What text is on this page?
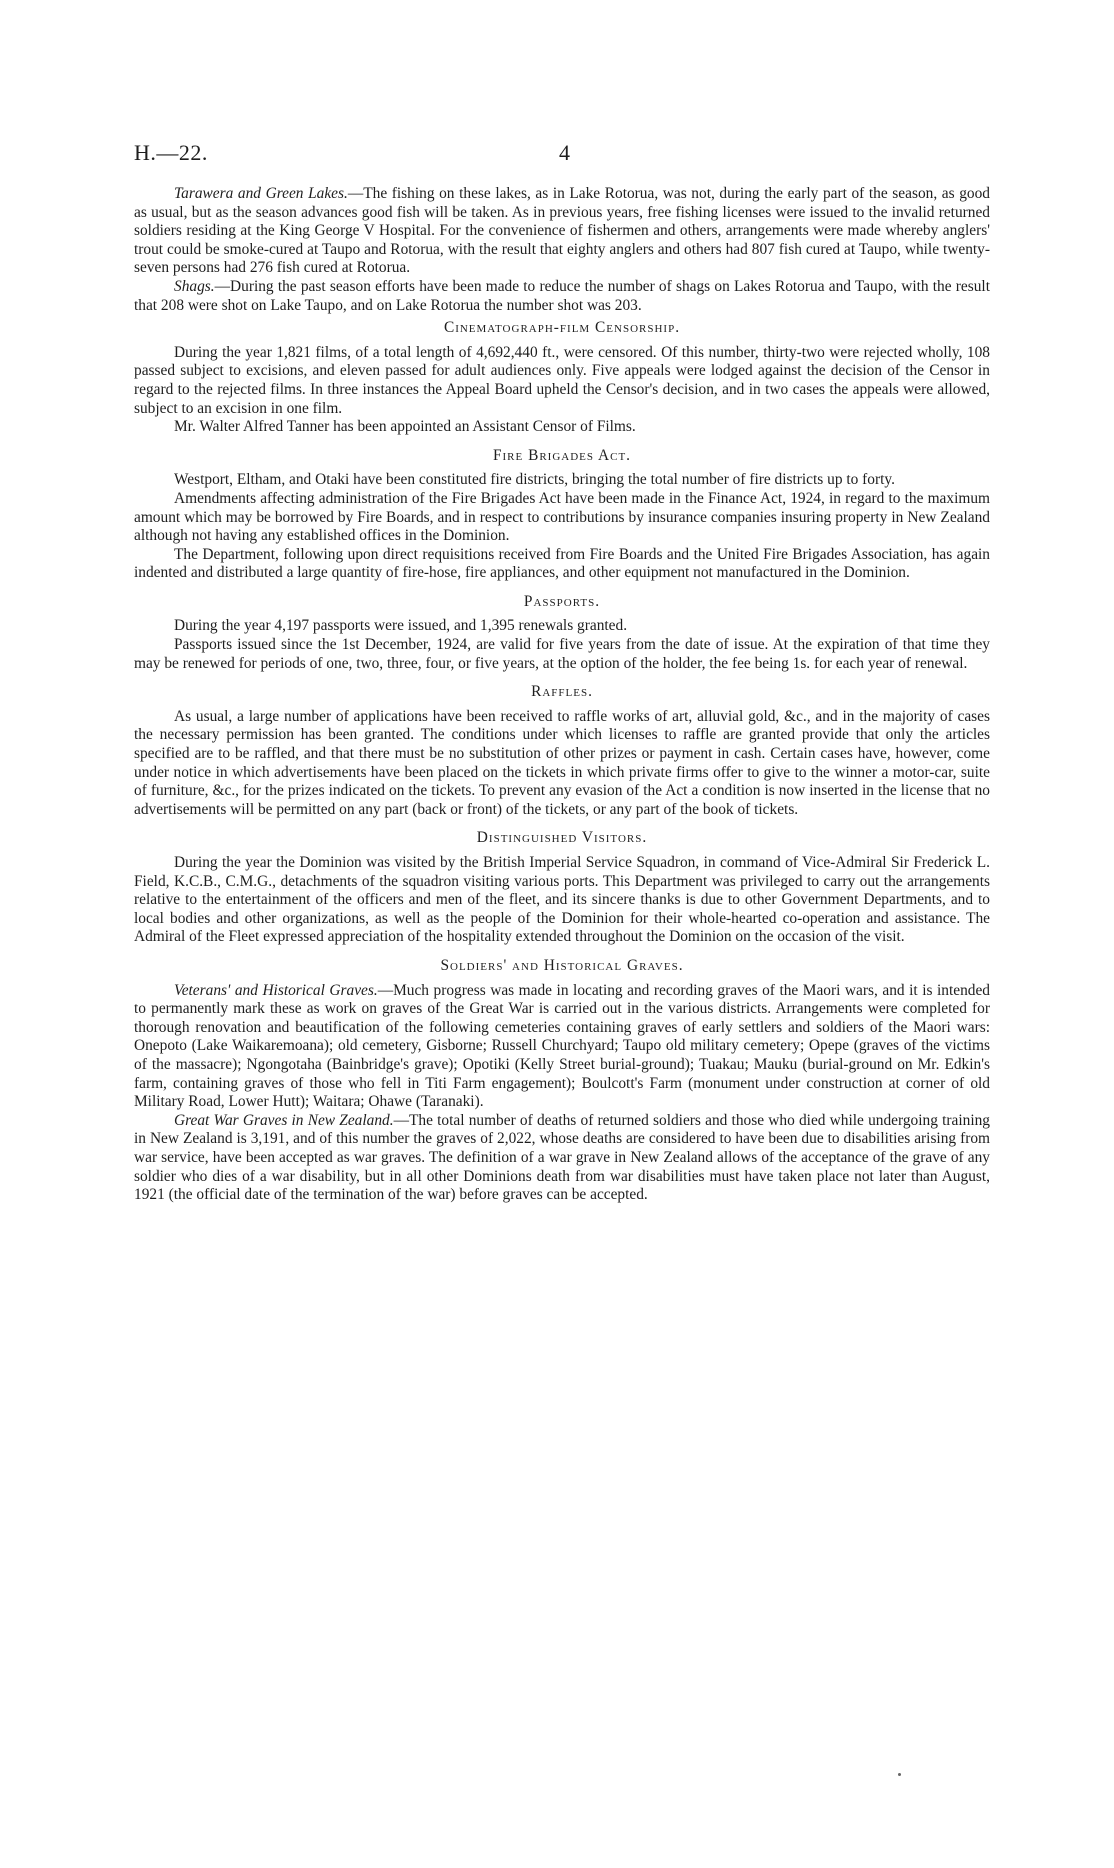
H.—22.	4

Tarawera and Green Lakes.—The fishing on these lakes, as in Lake Rotorua, was not, during the early part of the season, as good as usual, but as the season advances good fish will be taken. As in previous years, free fishing licenses were issued to the invalid returned soldiers residing at the King George V Hospital. For the convenience of fishermen and others, arrangements were made whereby anglers' trout could be smoke-cured at Taupo and Rotorua, with the result that eighty anglers and others had 807 fish cured at Taupo, while twenty-seven persons had 276 fish cured at Rotorua.

Shags.—During the past season efforts have been made to reduce the number of shags on Lakes Rotorua and Taupo, with the result that 208 were shot on Lake Taupo, and on Lake Rotorua the number shot was 203.

Cinematograph-film Censorship.

During the year 1,821 films, of a total length of 4,692,440 ft., were censored. Of this number, thirty-two were rejected wholly, 108 passed subject to excisions, and eleven passed for adult audiences only. Five appeals were lodged against the decision of the Censor in regard to the rejected films. In three instances the Appeal Board upheld the Censor's decision, and in two cases the appeals were allowed, subject to an excision in one film.

Mr. Walter Alfred Tanner has been appointed an Assistant Censor of Films.

Fire Brigades Act.

Westport, Eltham, and Otaki have been constituted fire districts, bringing the total number of fire districts up to forty.

Amendments affecting administration of the Fire Brigades Act have been made in the Finance Act, 1924, in regard to the maximum amount which may be borrowed by Fire Boards, and in respect to contributions by insurance companies insuring property in New Zealand although not having any established offices in the Dominion.

The Department, following upon direct requisitions received from Fire Boards and the United Fire Brigades Association, has again indented and distributed a large quantity of fire-hose, fire appliances, and other equipment not manufactured in the Dominion.

Passports.

During the year 4,197 passports were issued, and 1,395 renewals granted.

Passports issued since the 1st December, 1924, are valid for five years from the date of issue. At the expiration of that time they may be renewed for periods of one, two, three, four, or five years, at the option of the holder, the fee being 1s. for each year of renewal.

Raffles.

As usual, a large number of applications have been received to raffle works of art, alluvial gold, &c., and in the majority of cases the necessary permission has been granted. The conditions under which licenses to raffle are granted provide that only the articles specified are to be raffled, and that there must be no substitution of other prizes or payment in cash. Certain cases have, however, come under notice in which advertisements have been placed on the tickets in which private firms offer to give to the winner a motor-car, suite of furniture, &c., for the prizes indicated on the tickets. To prevent any evasion of the Act a condition is now inserted in the license that no advertisements will be permitted on any part (back or front) of the tickets, or any part of the book of tickets.

Distinguished Visitors.

During the year the Dominion was visited by the British Imperial Service Squadron, in command of Vice-Admiral Sir Frederick L. Field, K.C.B., C.M.G., detachments of the squadron visiting various ports. This Department was privileged to carry out the arrangements relative to the entertainment of the officers and men of the fleet, and its sincere thanks is due to other Government Departments, and to local bodies and other organizations, as well as the people of the Dominion for their whole-hearted co-operation and assistance. The Admiral of the Fleet expressed appreciation of the hospitality extended throughout the Dominion on the occasion of the visit.

Soldiers' and Historical Graves.

Veterans' and Historical Graves.—Much progress was made in locating and recording graves of the Maori wars, and it is intended to permanently mark these as work on graves of the Great War is carried out in the various districts. Arrangements were completed for thorough renovation and beautification of the following cemeteries containing graves of early settlers and soldiers of the Maori wars: Onepoto (Lake Waikaremoana); old cemetery, Gisborne; Russell Churchyard; Taupo old military cemetery; Opepe (graves of the victims of the massacre); Ngongotaha (Bainbridge's grave); Opotiki (Kelly Street burial-ground); Tuakau; Mauku (burial-ground on Mr. Edkin's farm, containing graves of those who fell in Titi Farm engagement); Boulcott's Farm (monument under construction at corner of old Military Road, Lower Hutt); Waitara; Ohawe (Taranaki).

Great War Graves in New Zealand.—The total number of deaths of returned soldiers and those who died while undergoing training in New Zealand is 3,191, and of this number the graves of 2,022, whose deaths are considered to have been due to disabilities arising from war service, have been accepted as war graves. The definition of a war grave in New Zealand allows of the acceptance of the grave of any soldier who dies of a war disability, but in all other Dominions death from war disabilities must have taken place not later than August, 1921 (the official date of the termination of the war) before graves can be accepted.
